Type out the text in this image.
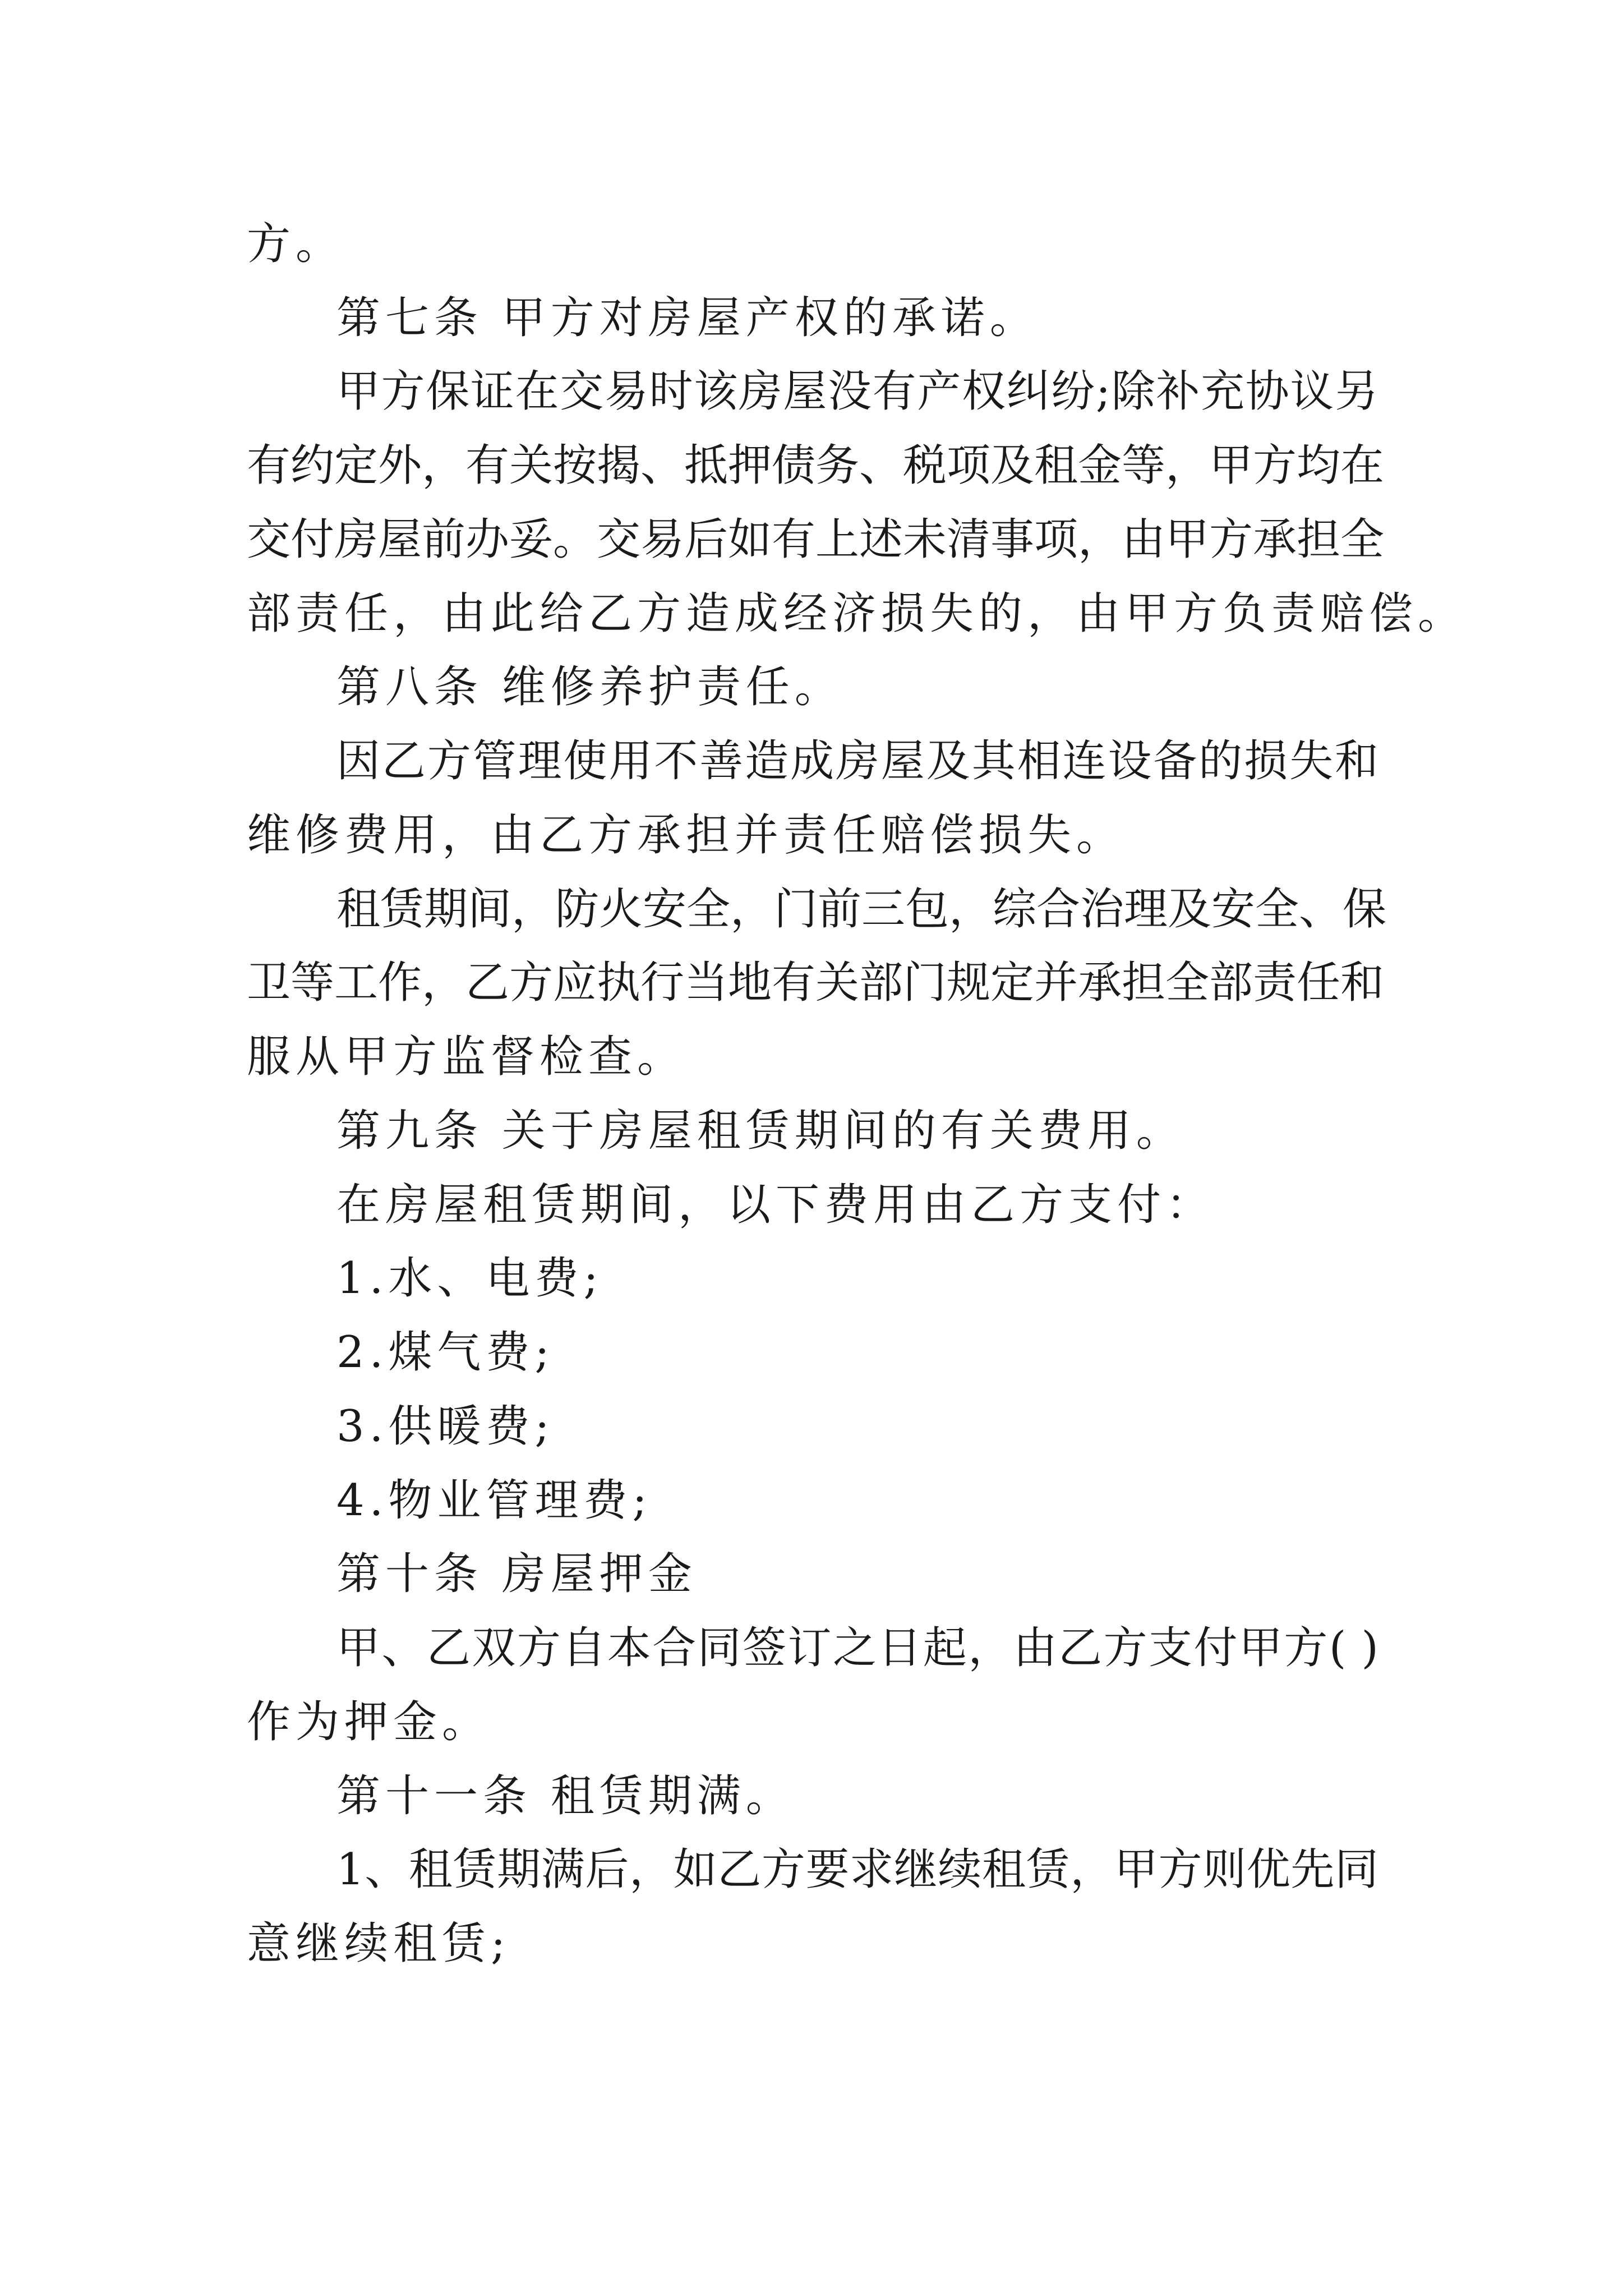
方。

第七条 甲方对房屋产权的承诺。

甲方保证在交易时该房屋没有产权纠纷;除补充协议另

有约定外，有关按揭、抵押债务、税项及租金等，甲方均在

交付房屋前办妥。交易后如有上述未清事项，由甲方承担全

部责任，由此给乙方造成经济损失的，由甲方负责赔偿。

第八条 维修养护责任。

因乙方管理使用不善造成房屋及其相连设备的损失和

维修费用，由乙方承担并责任赔偿损失。

租赁期间，防火安全，门前三包，综合治理及安全、保

卫等工作，乙方应执行当地有关部门规定并承担全部责任和

服从甲方监督检查。

第九条 关于房屋租赁期间的有关费用。

在房屋租赁期间，以下费用由乙方支付：

1.水、电费;

2.煤气费;

3.供暖费;

4.物业管理费;

第十条 房屋押金

甲、乙双方自本合同签订之日起，由乙方支付甲方( )

作为押金。

第十一条 租赁期满。

1、租赁期满后，如乙方要求继续租赁，甲方则优先同

意继续租赁;
